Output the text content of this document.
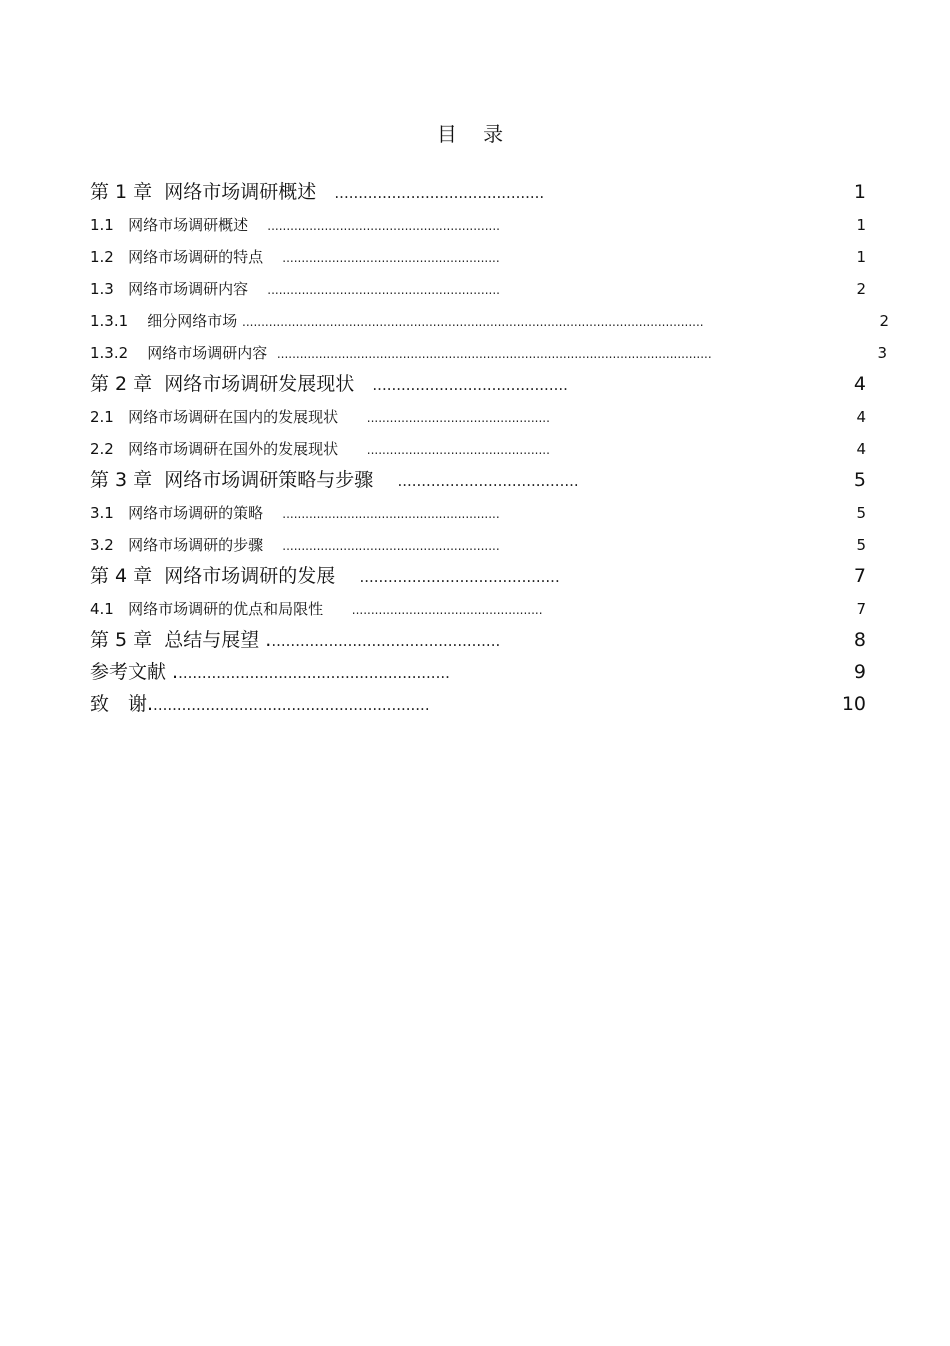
目 录
第 1 章 网络市场调研概述 ............................................	1
1.1 网络市场调研概述 .............................................................	1
1.2 网络市场调研的特点 .........................................................	1
1.3 网络市场调研内容 .............................................................	2
1.3.1 细分网络市场 .........................................................................................................................	2
1.3.2 网络市场调研内容 ..................................................................................................................	3
第 2 章 网络市场调研发展现状 .........................................	4
2.1 网络市场调研在国内的发展现状 ................................................	4
2.2 网络市场调研在国外的发展现状 ................................................	4
第 3 章 网络市场调研策略与步骤 ......................................	5
3.1 网络市场调研的策略 .........................................................	5
3.2 网络市场调研的步骤 .........................................................	5
第 4 章 网络市场调研的发展 ..........................................	7
4.1 网络市场调研的优点和局限性 ..................................................	7
第 5 章 总结与展望 .................................................	8
参考文献 ..........................................................	9
致　谢...........................................................	10
